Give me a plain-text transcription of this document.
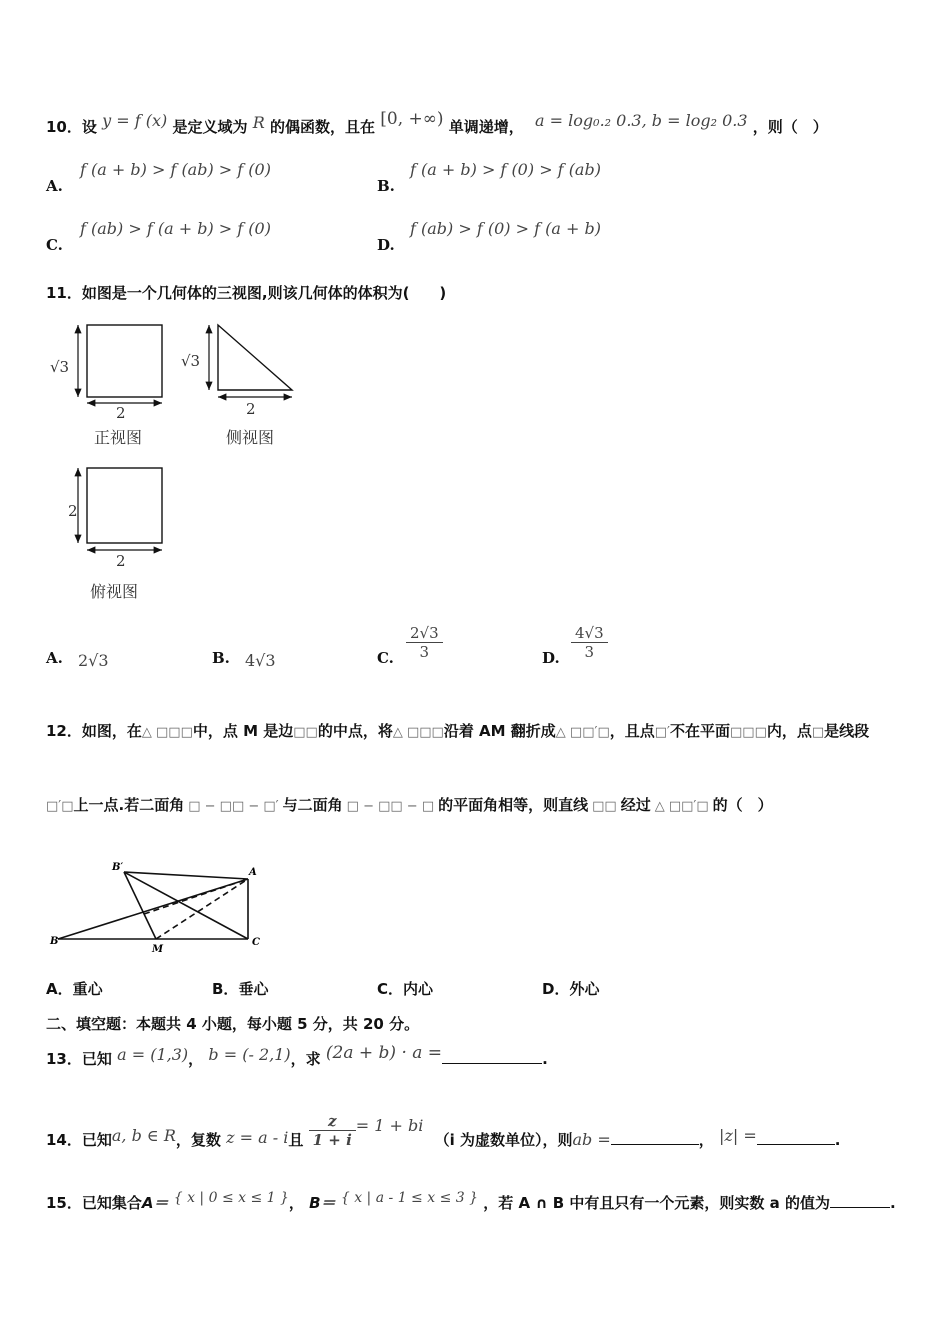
10．设 y = f (x) 是定义域为 R 的偶函数，且在 [0, +∞) 单调递增， a = log₀.₂ 0.3, b = log₂ 0.3 ，则（　）
A.
f (a + b) > f (ab) > f (0)
B.
f (a + b) > f (0) > f (ab)
C.
f (ab) > f (a + b) > f (0)
D.
f (ab) > f (0) > f (a + b)
11．如图是一个几何体的三视图,则该几何体的体积为(　　)
√3
2
正视图
√3
2
侧视图
2
2
俯视图
A. 2√3	B. 4√3	C. $\frac{2√3}{3}$	D. $\frac{4√3}{3}$
12．如图，在△ □□□中，点 M 是边□□的中点，将△ □□□沿着 AM 翻折成△ □□′□，且点□′不在平面□□□内，点□是线段
□′□上一点.若二面角 □ − □□ − □′ 与二面角 □ − □□ − □ 的平面角相等，则直线 □□ 经过 △ □□′□ 的（　）
B′	A
B
M
C
A．重心	B．垂心	C．内心	D．外心
二、填空题：本题共 4 小题，每小题 5 分，共 20 分。
13．已知 a = (1,3)， b = (- 2,1)，求 (2a + b) · a =	.
14．已知a, b ∈ R，复数 z = a - i且 $\frac{z}{1 + i} = 1$ + bi （i 为虚数单位），则ab =	， |z| =	.
15．已知集合A＝ { x | 0 ≤ x ≤ 1 }， B＝ { x | a - 1 ≤ x ≤ 3 } ，若 A ∩ B 中有且只有一个元素，则实数 a 的值为	.
